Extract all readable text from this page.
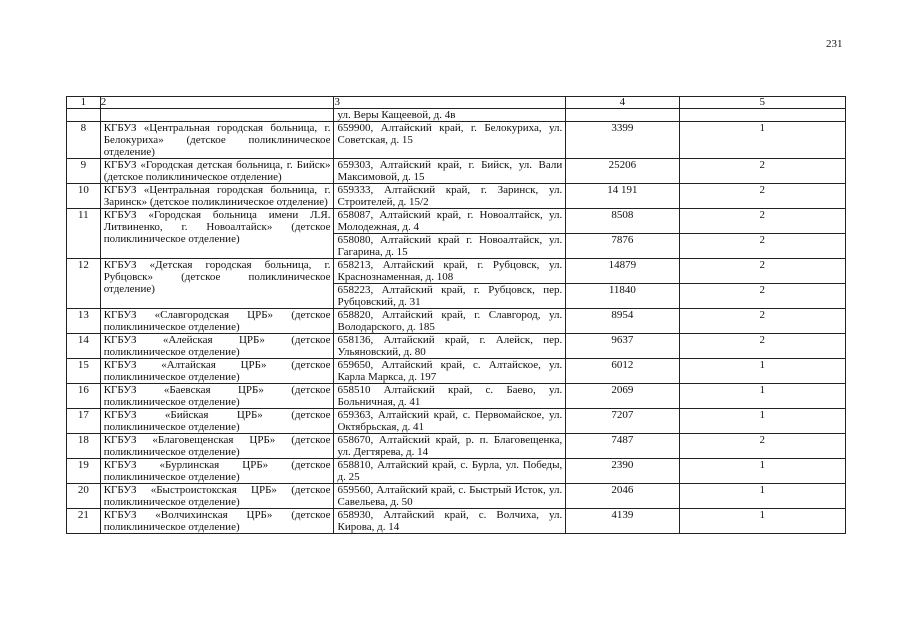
231
1	2	3	4	5
		ул. Веры Кащеевой, д. 4в		
8	КГБУЗ «Центральная городская больница, г. Белокуриха» (детское поликлиническое отделение)	659900, Алтайский край, г. Белокуриха, ул. Советская, д. 15	3399	1
9	КГБУЗ «Городская детская больница, г. Бийск» (детское поликлиническое отделение)	659303, Алтайский край, г. Бийск, ул. Вали Максимовой, д. 15	25206	2
10	КГБУЗ «Центральная городская больница, г. Заринск» (детское поликлиническое отделение)	659333, Алтайский край, г. Заринск, ул. Строителей, д. 15/2	14 191	2
11	КГБУЗ «Городская больница имени Л.Я. Литвиненко, г. Новоалтайск» (детское поликлиническое отделение)	658087, Алтайский край, г. Новоалтайск, ул. Молодежная, д. 4	8508	2
		658080, Алтайский край г. Новоалтайск, ул. Гагарина, д. 15	7876	2
12	КГБУЗ «Детская городская больница, г. Рубцовск» (детское поликлиническое отделение)	658213, Алтайский край, г. Рубцовск, ул. Краснознаменная, д. 108	14879	2
		658223, Алтайский край, г. Рубцовск, пер. Рубцовский, д. 31	11840	2
13	КГБУЗ «Славгородская ЦРБ» (детское поликлиническое отделение)	658820, Алтайский край, г. Славгород, ул. Володарского, д. 185	8954	2
14	КГБУЗ «Алейская ЦРБ» (детское поликлиническое отделение)	658136, Алтайский край, г. Алейск, пер. Ульяновский, д. 80	9637	2
15	КГБУЗ «Алтайская ЦРБ» (детское поликлиническое отделение)	659650, Алтайский край, с. Алтайское, ул. Карла Маркса, д. 197	6012	1
16	КГБУЗ «Баевская ЦРБ» (детское поликлиническое отделение)	658510 Алтайский край, с. Баево, ул. Больничная, д. 41	2069	1
17	КГБУЗ «Бийская ЦРБ» (детское поликлиническое отделение)	659363, Алтайский край, с. Первомайское, ул. Октябрьская, д. 41	7207	1
18	КГБУЗ «Благовещенская ЦРБ» (детское поликлиническое отделение)	658670, Алтайский край, р. п. Благовещенка, ул. Дегтярева, д. 14	7487	2
19	КГБУЗ «Бурлинская ЦРБ» (детское поликлиническое отделение)	658810, Алтайский край, с. Бурла, ул. Победы, д. 25	2390	1
20	КГБУЗ «Быстроистокская ЦРБ» (детское поликлиническое отделение)	659560, Алтайский край, с. Быстрый Исток, ул. Савельева, д. 50	2046	1
21	КГБУЗ «Волчихинская ЦРБ» (детское поликлиническое отделение)	658930, Алтайский край, с. Волчиха, ул. Кирова, д. 14	4139	1
